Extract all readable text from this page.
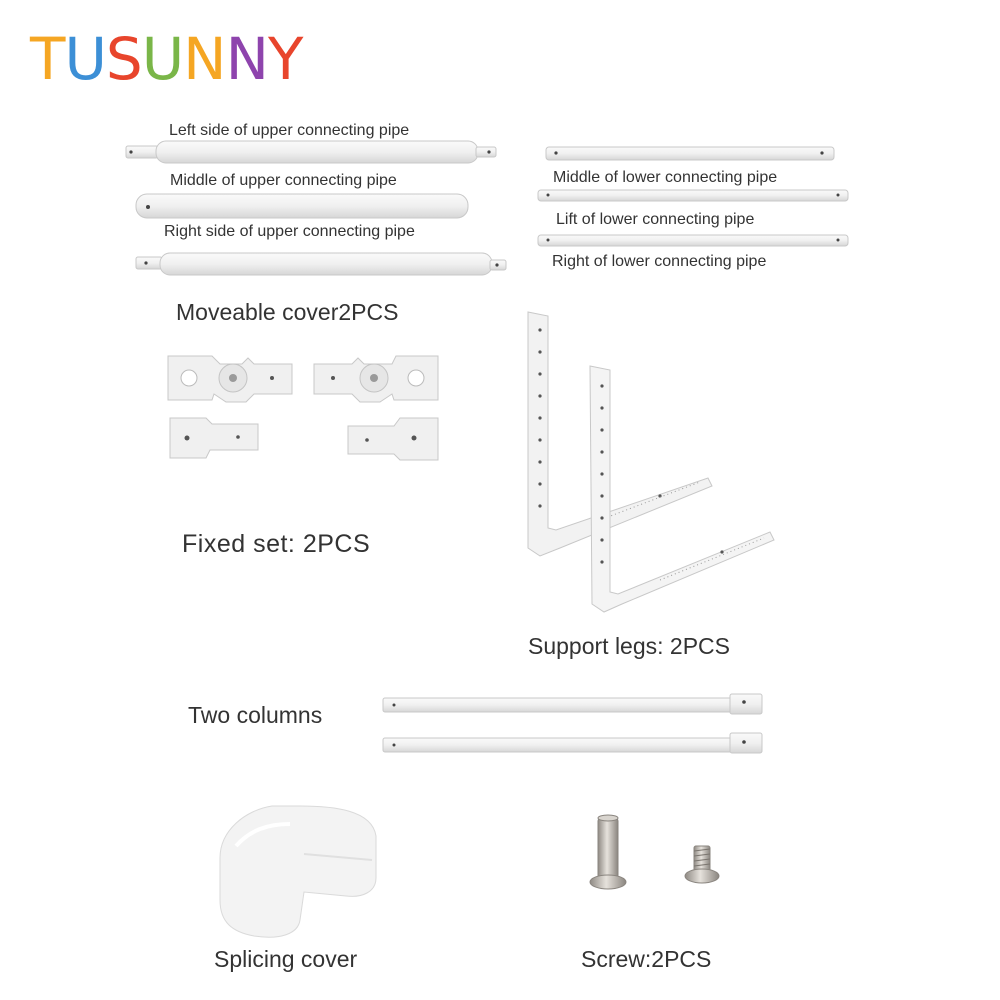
TUSUNNY
Left side of upper connecting pipe
Middle of upper connecting pipe
Right side of upper connecting pipe
Middle of lower connecting pipe
Lift of lower connecting pipe
Right of lower connecting pipe
Moveable cover2PCS
Fixed set: 2PCS
Support legs: 2PCS
Two columns
Splicing cover	Screw:2PCS
